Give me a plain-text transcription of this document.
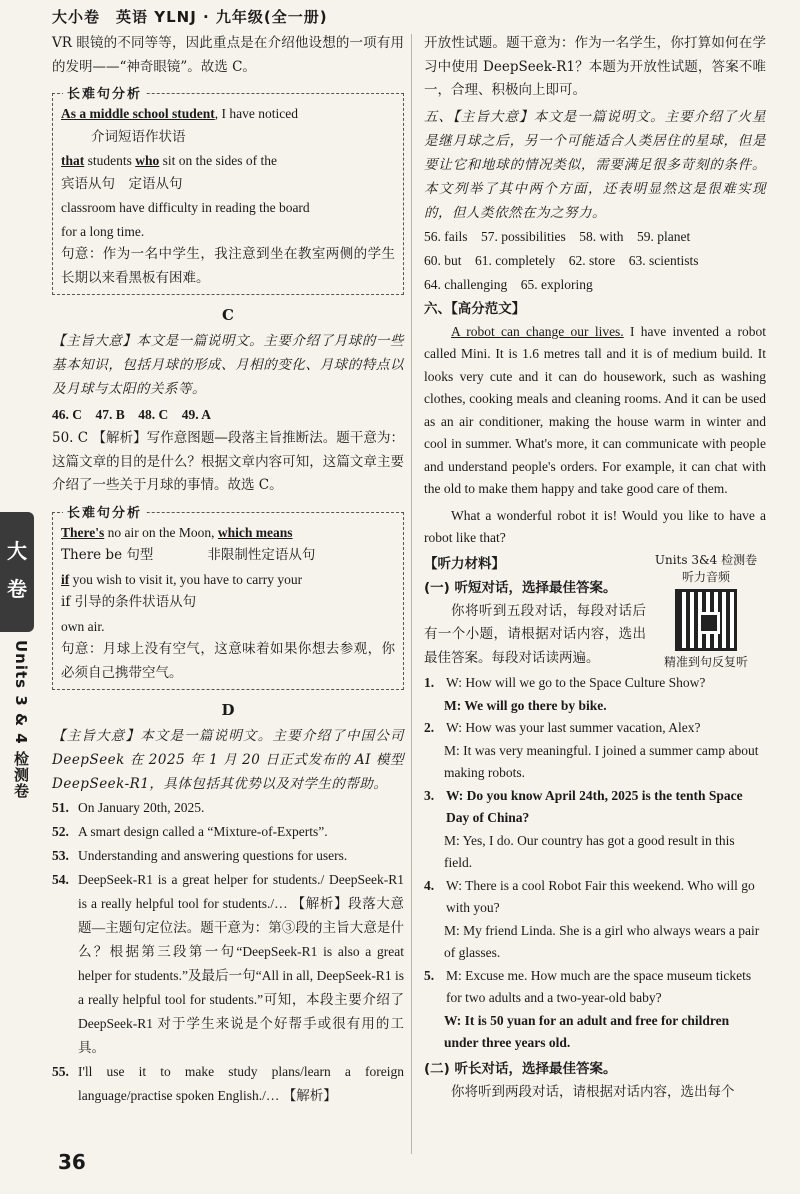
大小卷　英语 YLNJ · 九年级(全一册)
大
卷
Units 3 & 4 检测卷

VR 眼镜的不同等等，因此重点是在介绍他设想的一项有用的发明——“神奇眼镜”。故选 C。

长难句分析
As a middle school student, I have noticed
介词短语作状语
that students who sit on the sides of the
宾语从句　定语从句
classroom have difficulty in reading the board
for a long time.
句意：作为一名中学生，我注意到坐在教室两侧的学生长期以来看黑板有困难。
C

【主旨大意】本文是一篇说明文。主要介绍了月球的一些基本知识，包括月球的形成、月相的变化、月球的特点以及月球与太阳的关系等。

46. C　47. B　48. C　49. A

50. C 【解析】写作意图题—段落主旨推断法。题干意为：这篇文章的目的是什么？根据文章内容可知，这篇文章主要介绍了一些关于月球的事情。故选 C。

长难句分析
There's no air on the Moon, which means
There be 句型　　　　非限制性定语从句
if you wish to visit it, you have to carry your
if 引导的条件状语从句
own air.
句意：月球上没有空气，这意味着如果你想去参观，你必须自己携带空气。
D

【主旨大意】本文是一篇说明文。主要介绍了中国公司 DeepSeek 在 2025 年 1 月 20 日正式发布的 AI 模型 DeepSeek-R1，具体包括其优势以及对学生的帮助。

51. On January 20th, 2025.
52. A smart design called a “Mixture-of-Experts”.
53. Understanding and answering questions for users.
54. DeepSeek-R1 is a great helper for students./ DeepSeek-R1 is a really helpful tool for students./… 【解析】段落大意题—主题句定位法。题干意为：第③段的主旨大意是什么？根据第三段第一句“DeepSeek-R1 is also a great helper for students.”及最后一句“All in all, DeepSeek-R1 is a really helpful tool for students.”可知，本段主要介绍了 DeepSeek-R1 对于学生来说是个好帮手或很有用的工具。
55. I'll use it to make study plans/learn a foreign language/practise spoken English./… 【解析】

开放性试题。题干意为：作为一名学生，你打算如何在学习中使用 DeepSeek-R1？本题为开放性试题，答案不唯一，合理、积极向上即可。

五、【主旨大意】本文是一篇说明文。主要介绍了火星是继月球之后，另一个可能适合人类居住的星球，但是要让它和地球的情况类似，需要满足很多苛刻的条件。本文列举了其中两个方面，还表明显然这是很难实现的，但人类依然在为之努力。

56. fails　57. possibilities　58. with　59. planet
60. but　61. completely　62. store　63. scientists
64. challenging　65. exploring
六、【高分范文】

A robot can change our lives. I have invented a robot called Mini. It is 1.6 metres tall and it is of medium build. It looks very cute and it can do housework, such as washing clothes, cooking meals and cleaning rooms. And it can be used as an air conditioner, making the house warm in winter and cool in summer. What's more, it can communicate with people and understand people's orders. For example, it can chat with the old to make them happy and take good care of them.

What a wonderful robot it is! Would you like to have a robot like that?

Units 3&4 检测卷
听力音频
精准到句反复听
【听力材料】
(一) 听短对话，选择最佳答案。

你将听到五段对话，每段对话后有一个小题，请根据对话内容，选出最佳答案。每段对话读两遍。

1. W: How will we go to the Space Culture Show?
M: We will go there by bike.
2. W: How was your last summer vacation, Alex?
M: It was very meaningful. I joined a summer camp about making robots.
3. W: Do you know April 24th, 2025 is the tenth Space Day of China?
M: Yes, I do. Our country has got a good result in this field.
4. W: There is a cool Robot Fair this weekend. Who will go with you?
M: My friend Linda. She is a girl who always wears a pair of glasses.
5. M: Excuse me. How much are the space museum tickets for two adults and a two-year-old baby?
W: It is 50 yuan for an adult and free for children under three years old.
(二) 听长对话，选择最佳答案。

你将听到两段对话，请根据对话内容，选出每个

36
